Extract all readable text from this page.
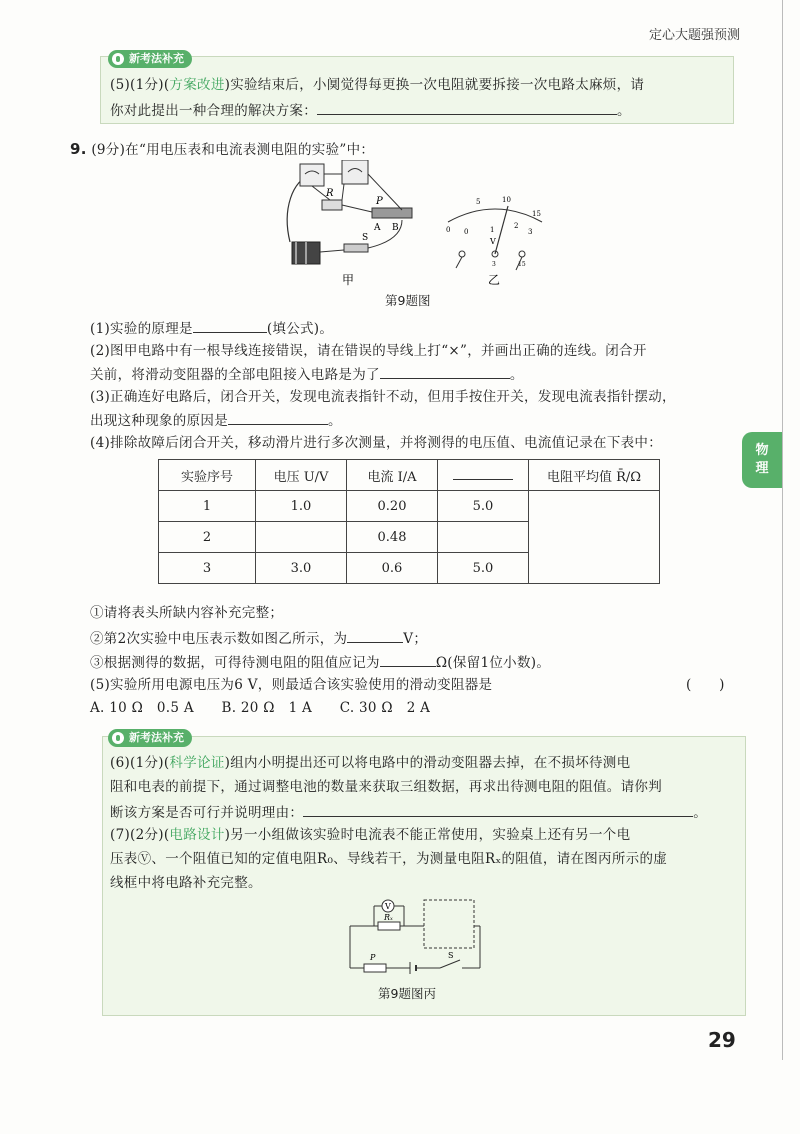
定心大题强预测
物
理
新考法补充
(5)(1分)(方案改进)实验结束后，小阒觉得每更换一次电阻就要拆接一次电路太麻烦，请
你对此提出一种合理的解决方案：	。
9. (9分)在“用电压表和电流表测电阻的实验”中：
R
P
A B
S
甲
0
5	10
15
0	1	2
3
V
3	15
乙
第9题图
(1)实验的原理是	(填公式)。
(2)图甲电路中有一根导线连接错误，请在错误的导线上打“×”，并画出正确的连线。闭合开
关前，将滑动变阻器的全部电阻接入电路是为了	。
(3)正确连好电路后，闭合开关，发现电流表指针不动，但用手按住开关，发现电流表指针摆动，
出现这种现象的原因是	。
(4)排除故障后闭合开关，移动滑片进行多次测量，并将测得的电压值、电流值记录在下表中：
实验序号	电压 U/V	电流 I/A		电阻平均值 R̄/Ω
1	1.0	0.20	5.0	
2		0.48		
3	3.0	0.6	5.0	
①请将表头所缺内容补充完整；
②第2次实验中电压表示数如图乙所示，为	V；
③根据测得的数据，可得待测电阻的阻值应记为	Ω(保留1位小数)。
(5)实验所用电源电压为6 V，则最适合该实验使用的滑动变阻器是	(　　)
A. 10 Ω　0.5 A　　B. 20 Ω　1 A　　C. 30 Ω　2 A
新考法补充
(6)(1分)(科学论证)组内小明提出还可以将电路中的滑动变阻器去掉，在不损坏待测电
阻和电表的前提下，通过调整电池的数量来获取三组数据，再求出待测电阻的阻值。请你判
断该方案是否可行并说明理由：	。
(7)(2分)(电路设计)另一小组做该实验时电流表不能正常使用，实验桌上还有另一个电
压表Ⓥ、一个阻值已知的定值电阻R₀、导线若干，为测量电阻Rₓ的阻值，请在图丙所示的虚
线框中将电路补充完整。
V
Rₓ
P	S
第9题图丙
29
